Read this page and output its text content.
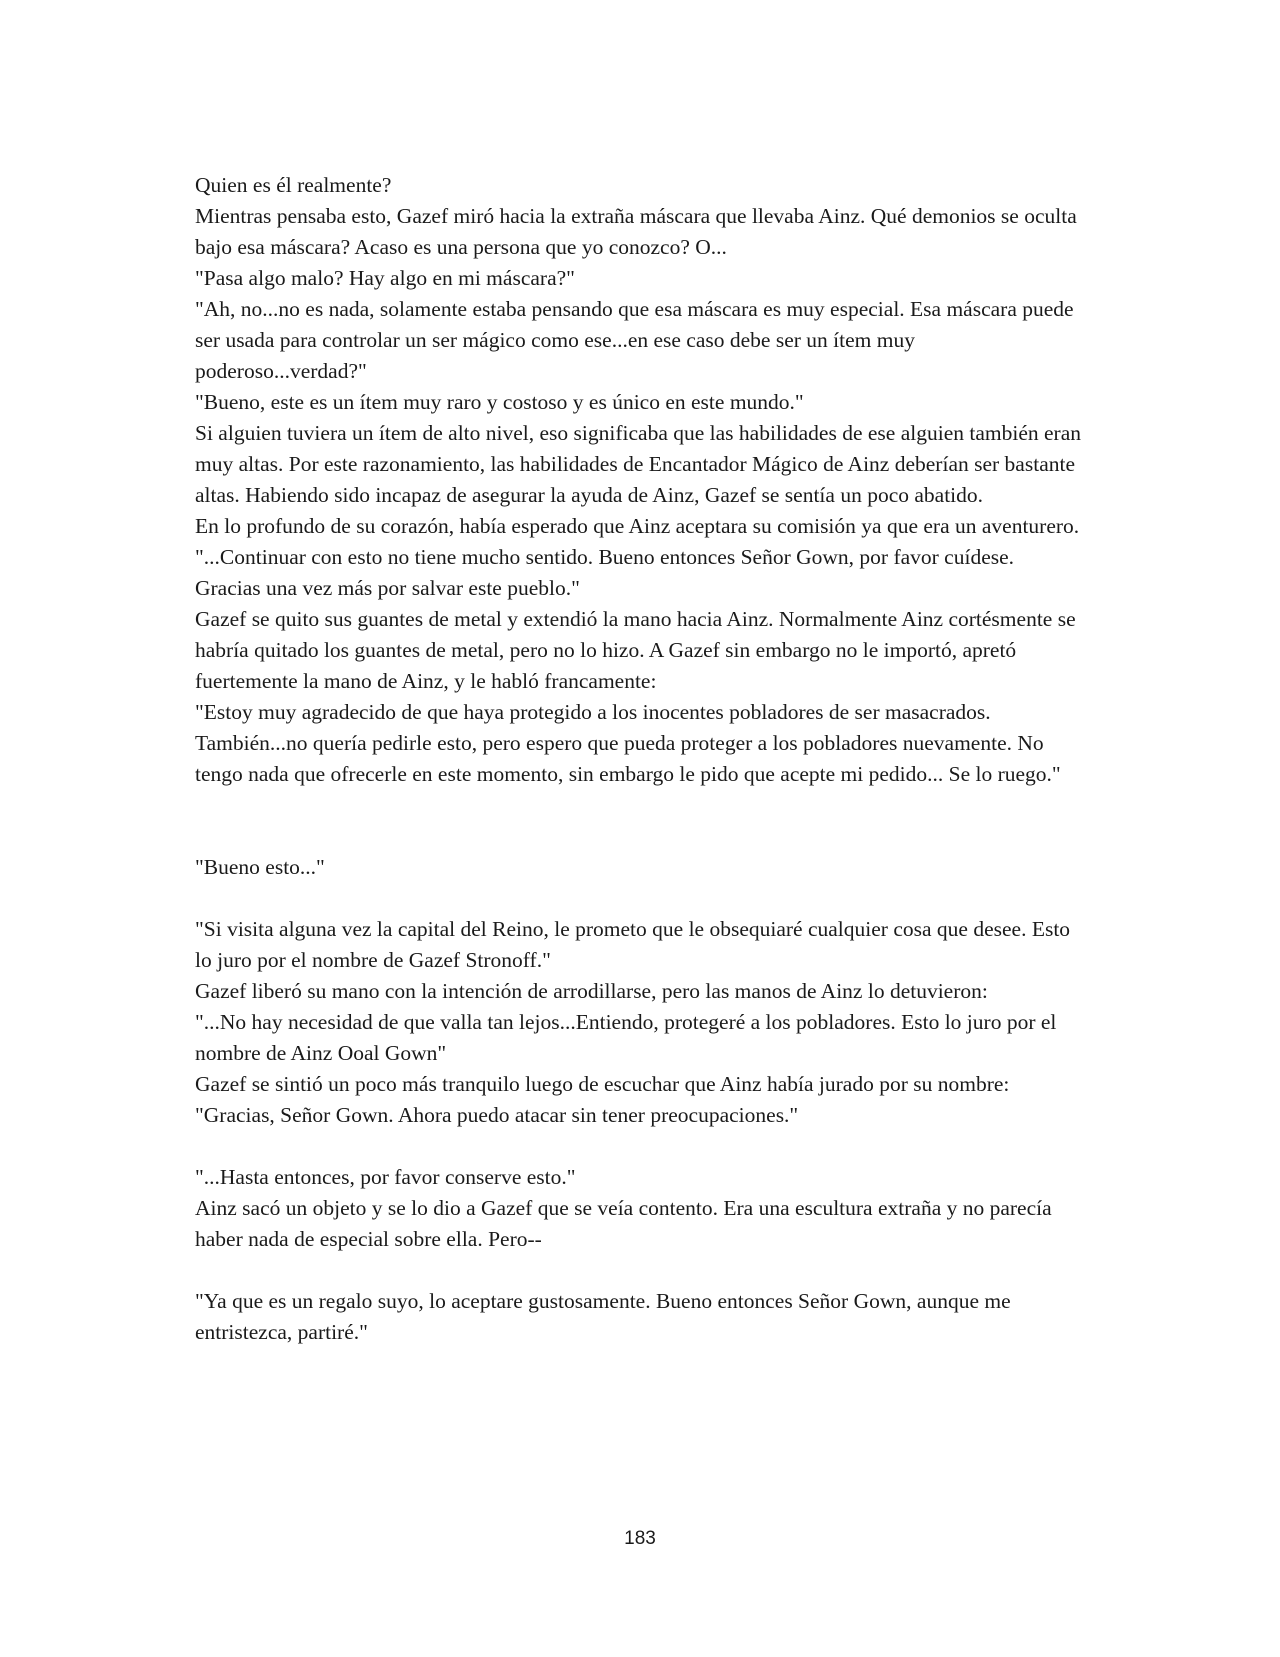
Quien es él realmente?

Mientras pensaba esto, Gazef miró hacia la extraña máscara que llevaba Ainz. Qué demonios se oculta bajo esa máscara? Acaso es una persona que yo conozco? O...

"Pasa algo malo? Hay algo en mi máscara?"

"Ah, no...no es nada, solamente estaba pensando que esa máscara es muy especial. Esa máscara puede ser usada para controlar un ser mágico como ese...en ese caso debe ser un ítem muy poderoso...verdad?"

"Bueno, este es un ítem muy raro y costoso y es único en este mundo."

Si alguien tuviera un ítem de alto nivel, eso significaba que las habilidades de ese alguien también eran muy altas. Por este razonamiento, las habilidades de Encantador Mágico de Ainz deberían ser bastante altas. Habiendo sido incapaz de asegurar la ayuda de Ainz, Gazef se sentía un poco abatido.

En lo profundo de su corazón, había esperado que Ainz aceptara su comisión ya que era un aventurero.

"...Continuar con esto no tiene mucho sentido. Bueno entonces Señor Gown, por favor cuídese. Gracias una vez más por salvar este pueblo."

Gazef se quito sus guantes de metal y extendió la mano hacia Ainz. Normalmente Ainz cortésmente se habría quitado los guantes de metal, pero no lo hizo. A Gazef sin embargo no le importó, apretó fuertemente la mano de Ainz, y le habló francamente:

"Estoy muy agradecido de que haya protegido a los inocentes pobladores de ser masacrados. También...no quería pedirle esto, pero espero que pueda proteger a los pobladores nuevamente. No tengo nada que ofrecerle en este momento, sin embargo le pido que acepte mi pedido... Se lo ruego."

"Bueno esto..."

"Si visita alguna vez la capital del Reino, le prometo que le obsequiaré cualquier cosa que desee. Esto lo juro por el nombre de Gazef Stronoff."

Gazef liberó su mano con la intención de arrodillarse, pero las manos de Ainz lo detuvieron:

"...No hay necesidad de que valla tan lejos...Entiendo, protegeré a los pobladores. Esto lo juro por el nombre de Ainz Ooal Gown"

Gazef se sintió un poco más tranquilo luego de escuchar que Ainz había jurado por su nombre:

"Gracias, Señor Gown. Ahora puedo atacar sin tener preocupaciones."

"...Hasta entonces, por favor conserve esto."

Ainz sacó un objeto y se lo dio a Gazef que se veía contento. Era una escultura extraña y no parecía haber nada de especial sobre ella. Pero--

"Ya que es un regalo suyo, lo aceptare gustosamente. Bueno entonces Señor Gown, aunque me entristezca, partiré."

183
